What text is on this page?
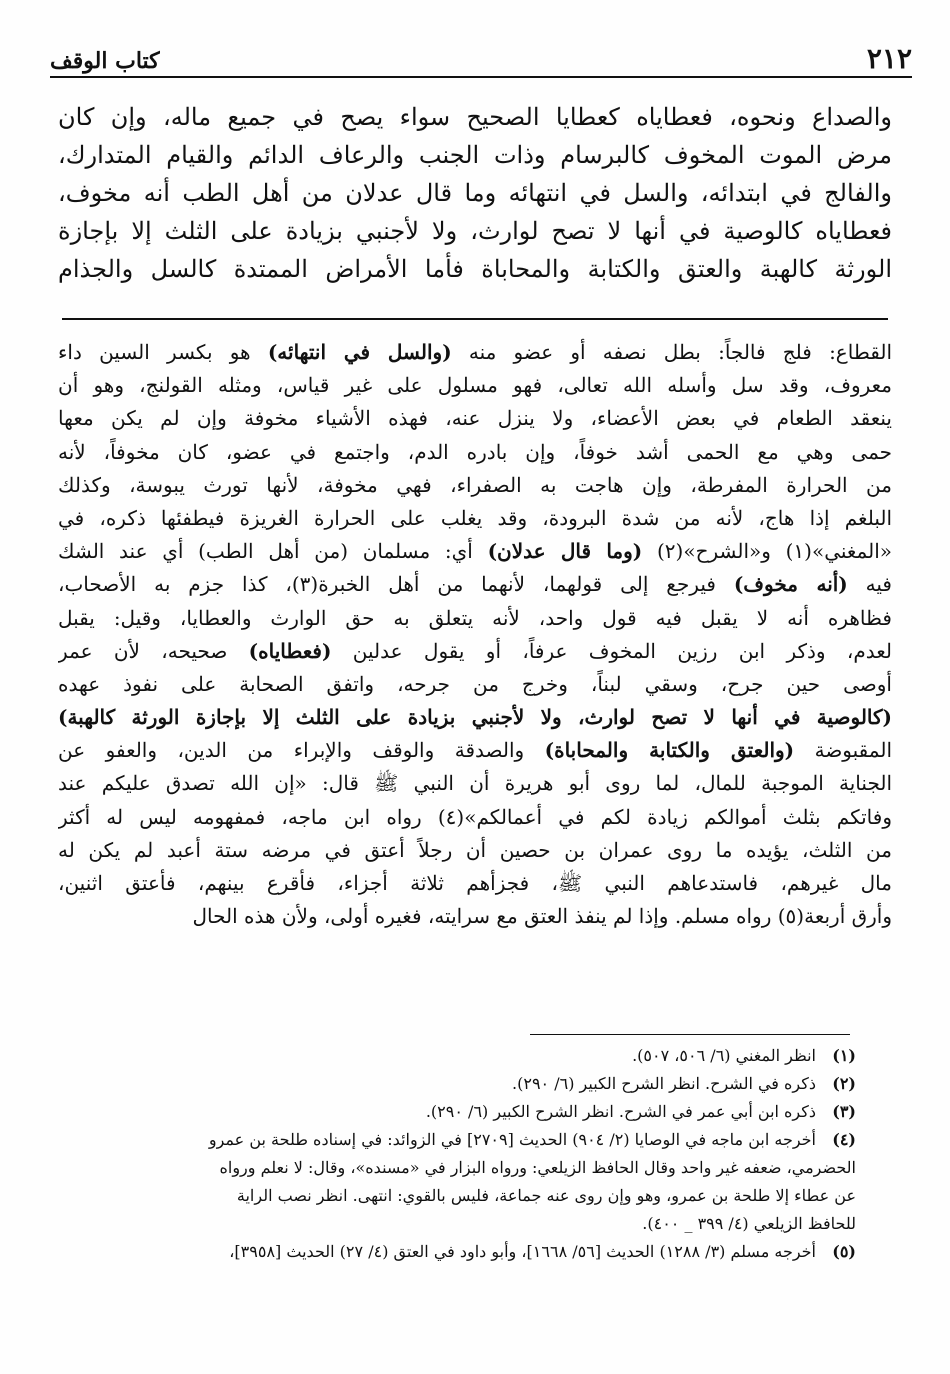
٢١٢
كتاب الوقف
والصداع ونحوه، فعطاياه كعطايا الصحيح سواء يصح في جميع ماله، وإن كان
مرض الموت المخوف كالبرسام وذات الجنب والرعاف الدائم والقيام المتدارك،
والفالج في ابتدائه، والسل في انتهائه وما قال عدلان من أهل الطب أنه مخوف،
فعطاياه كالوصية في أنها لا تصح لوارث، ولا لأجنبي بزيادة على الثلث إلا بإجازة
الورثة كالهبة والعتق والكتابة والمحاباة فأما الأمراض الممتدة كالسل والجذام
القطاع: فلج فالجاً: بطل نصفه أو عضو منه (والسل في انتهائه) هو بكسر السين داء
معروف، وقد سل وأسله الله تعالى، فهو مسلول على غير قياس، ومثله القولنج، وهو أن
ينعقد الطعام في بعض الأعضاء، ولا ينزل عنه، فهذه الأشياء مخوفة وإن لم يكن معها
حمى وهي مع الحمى أشد خوفاً، وإن بادره الدم، واجتمع في عضو، كان مخوفاً، لأنه
من الحرارة المفرطة، وإن هاجت به الصفراء، فهي مخوفة، لأنها تورث يبوسة، وكذلك
البلغم إذا هاج، لأنه من شدة البرودة، وقد يغلب على الحرارة الغريزة فيطفئها ذكره، في
«المغني»(١) و«الشرح»(٢) (وما قال عدلان) أي: مسلمان (من أهل الطب) أي عند الشك
فيه (أنه مخوف) فيرجع إلى قولهما، لأنهما من أهل الخبرة(٣)، كذا جزم به الأصحاب،
فظاهره أنه لا يقبل فيه قول واحد، لأنه يتعلق به حق الوارث والعطايا، وقيل: يقبل
لعدم، وذكر ابن رزين المخوف عرفاً، أو يقول عدلين (فعطاياه) صحيحه، لأن عمر
أوصى حين جرح، وسقي لبناً، وخرج من جرحه، واتفق الصحابة على نفوذ عهده
(كالوصية في أنها لا تصح لوارث، ولا لأجنبي بزيادة على الثلث إلا بإجازة الورثة كالهبة)
المقبوضة (والعتق والكتابة والمحاباة) والصدقة والوقف والإبراء من الدين، والعفو عن
الجناية الموجبة للمال، لما روى أبو هريرة أن النبي ﷺ قال: «إن الله تصدق عليكم عند
وفاتكم بثلث أموالكم زيادة لكم في أعمالكم»(٤) رواه ابن ماجه، فمفهومه ليس له أكثر
من الثلث، يؤيده ما روى عمران بن حصين أن رجلاً أعتق في مرضه ستة أعبد لم يكن له
مال غيرهم، فاستدعاهم النبي ﷺ، فجزأهم ثلاثة أجزاء، فأقرع بينهم، فأعتق اثنين،
وأرق أربعة(٥) رواه مسلم. وإذا لم ينفذ العتق مع سرايته، فغيره أولى، ولأن هذه الحال
(١)انظر المغني (٦/ ٥٠٦، ٥٠٧).
(٢)ذكره في الشرح. انظر الشرح الكبير (٦/ ٢٩٠).
(٣)ذكره ابن أبي عمر في الشرح. انظر الشرح الكبير (٦/ ٢٩٠).
(٤)أخرجه ابن ماجه في الوصايا (٢/ ٩٠٤) الحديث [٢٧٠٩] في الزوائد: في إسناده طلحة بن عمرو
الحضرمي، ضعفه غير واحد وقال الحافظ الزيلعي: ورواه البزار في «مسنده»، وقال: لا نعلم ورواه
عن عطاء إلا طلحة بن عمرو، وهو وإن روى عنه جماعة، فليس بالقوي: انتهى. انظر نصب الراية
للحافظ الزيلعي (٤/ ٣٩٩ _ ٤٠٠).
(٥)أخرجه مسلم (٣/ ١٢٨٨) الحديث [٥٦/ ١٦٦٨]، وأبو داود في العتق (٤/ ٢٧) الحديث [٣٩٥٨]،
